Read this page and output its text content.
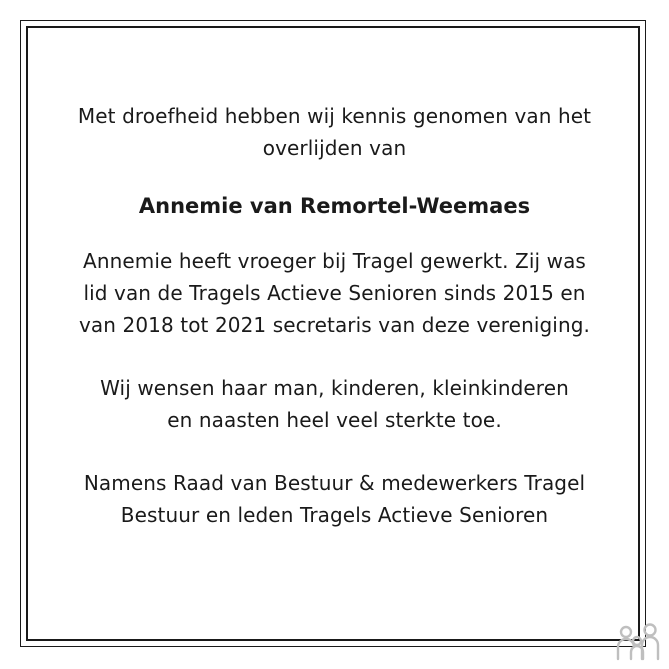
Met droefheid hebben wij kennis genomen van het
overlijden van

Annemie van Remortel-Weemaes

Annemie heeft vroeger bij Tragel gewerkt. Zij was
lid van de Tragels Actieve Senioren sinds 2015 en
van 2018 tot 2021 secretaris van deze vereniging.

Wij wensen haar man, kinderen, kleinkinderen
en naasten heel veel sterkte toe.

Namens Raad van Bestuur & medewerkers Tragel
Bestuur en leden Tragels Actieve Senioren
